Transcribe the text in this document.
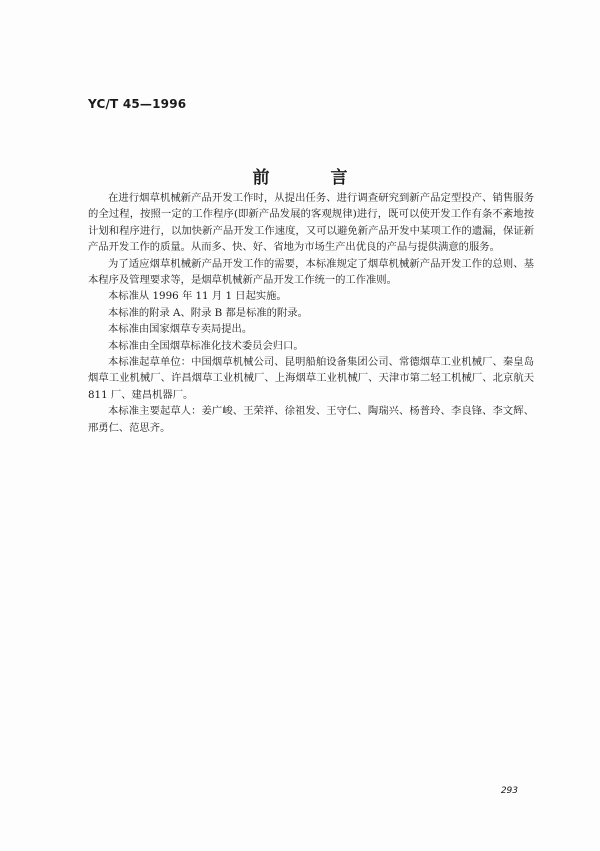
YC/T 45—1996
前　言

在进行烟草机械新产品开发工作时，从提出任务、进行调查研究到新产品定型投产、销售服务的全过程，按照一定的工作程序(即新产品发展的客观规律)进行，既可以使开发工作有条不紊地按计划和程序进行，以加快新产品开发工作速度，又可以避免新产品开发中某项工作的遗漏，保证新产品开发工作的质量。从而多、快、好、省地为市场生产出优良的产品与提供满意的服务。

为了适应烟草机械新产品开发工作的需要，本标准规定了烟草机械新产品开发工作的总则、基本程序及管理要求等，是烟草机械新产品开发工作统一的工作准则。

本标准从 1996 年 11 月 1 日起实施。

本标准的附录 A、附录 B 都是标准的附录。

本标准由国家烟草专卖局提出。

本标准由全国烟草标准化技术委员会归口。

本标准起草单位：中国烟草机械公司、昆明船舶设备集团公司、常德烟草工业机械厂、秦皇岛烟草工业机械厂、许昌烟草工业机械厂、上海烟草工业机械厂、天津市第二轻工机械厂、北京航天 811 厂、建昌机器厂。

本标准主要起草人：姜广峻、王荣祥、徐祖发、王守仁、陶瑞兴、杨普玲、李良锋、李文辉、邢勇仁、范思齐。

293
